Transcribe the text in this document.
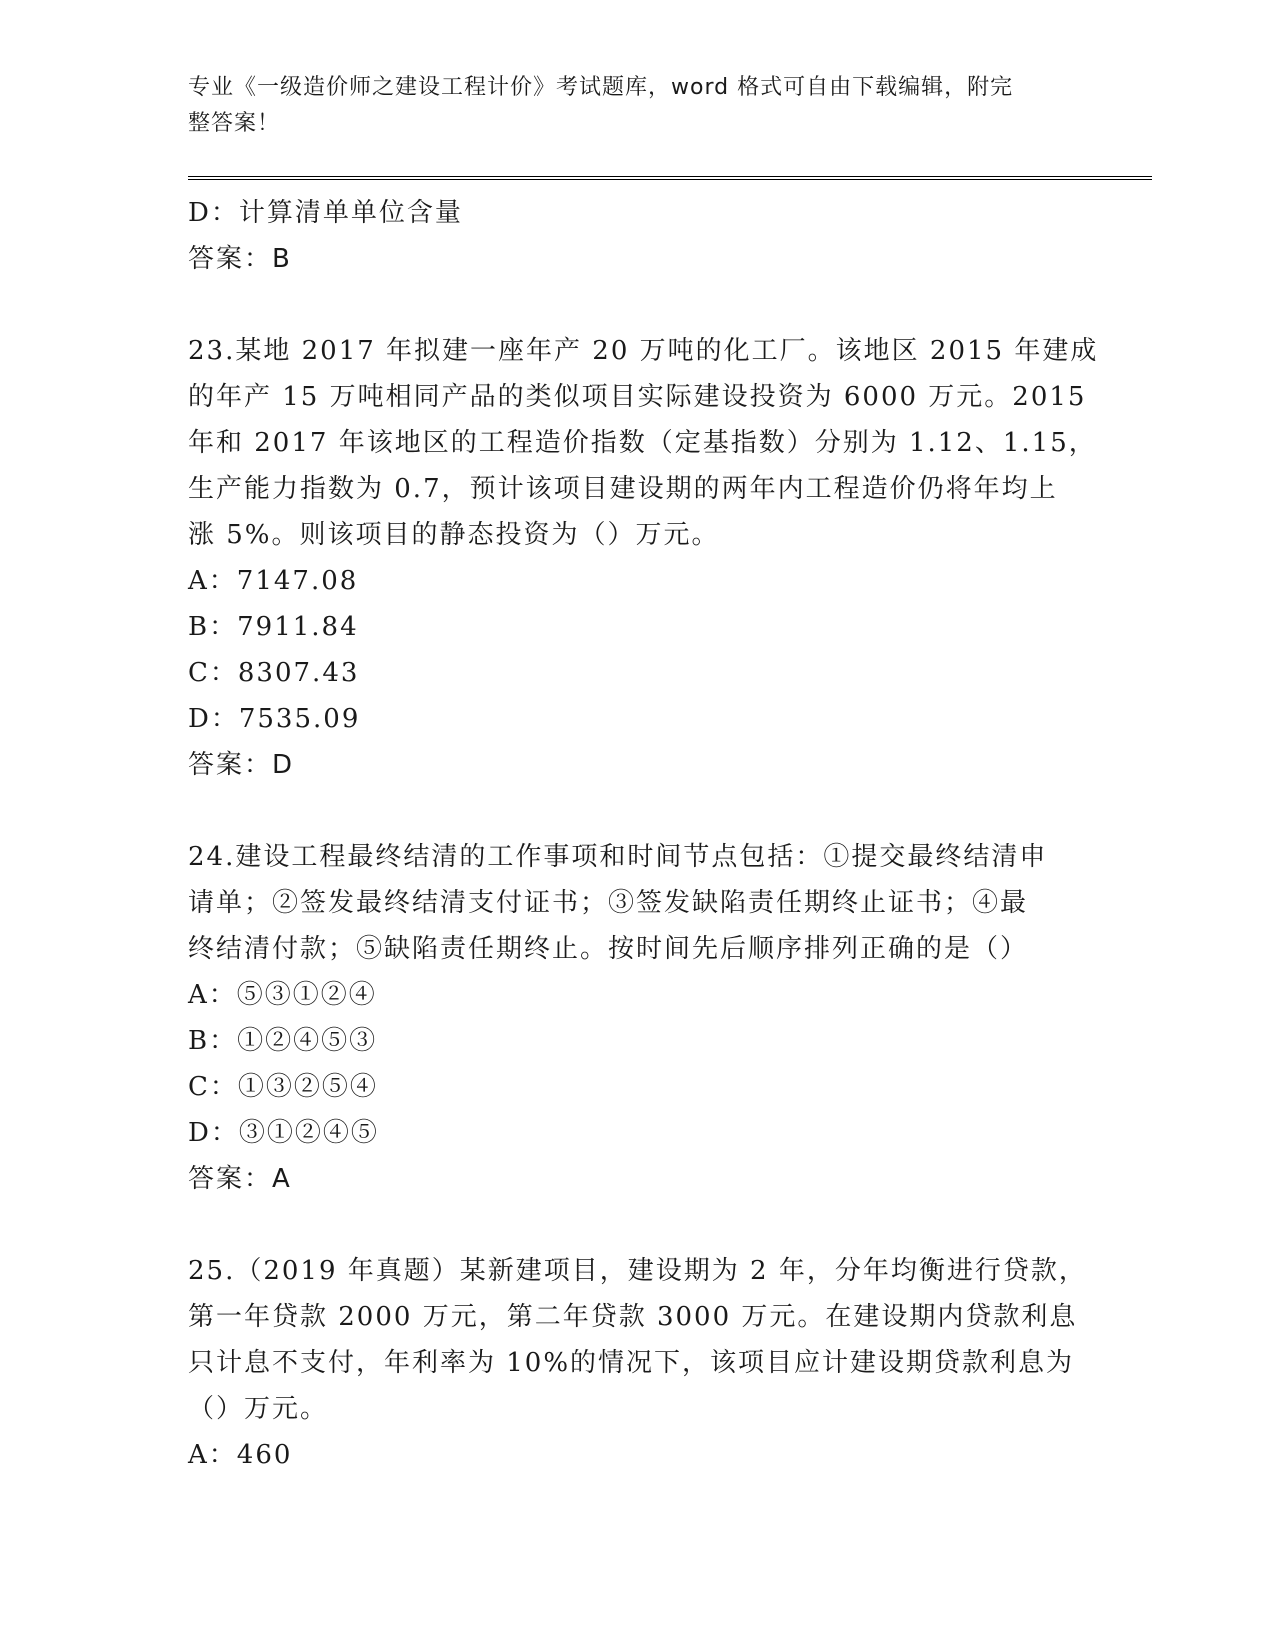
专业《一级造价师之建设工程计价》考试题库，word 格式可自由下载编辑，附完
整答案！
D：计算清单单位含量
答案：B
23.某地 2017 年拟建一座年产 20 万吨的化工厂。该地区 2015 年建成
的年产 15 万吨相同产品的类似项目实际建设投资为 6000 万元。2015
年和 2017 年该地区的工程造价指数（定基指数）分别为 1.12、1.15，
生产能力指数为 0.7，预计该项目建设期的两年内工程造价仍将年均上
涨 5%。则该项目的静态投资为（）万元。
A：7147.08
B：7911.84
C：8307.43
D：7535.09
答案：D
24.建设工程最终结清的工作事项和时间节点包括：①提交最终结清申
请单；②签发最终结清支付证书；③签发缺陷责任期终止证书；④最
终结清付款；⑤缺陷责任期终止。按时间先后顺序排列正确的是（）
A：⑤③①②④
B：①②④⑤③
C：①③②⑤④
D：③①②④⑤
答案：A
25.（2019 年真题）某新建项目，建设期为 2 年，分年均衡进行贷款，
第一年贷款 2000 万元，第二年贷款 3000 万元。在建设期内贷款利息
只计息不支付，年利率为 10%的情况下，该项目应计建设期贷款利息为
（）万元。
A：460
